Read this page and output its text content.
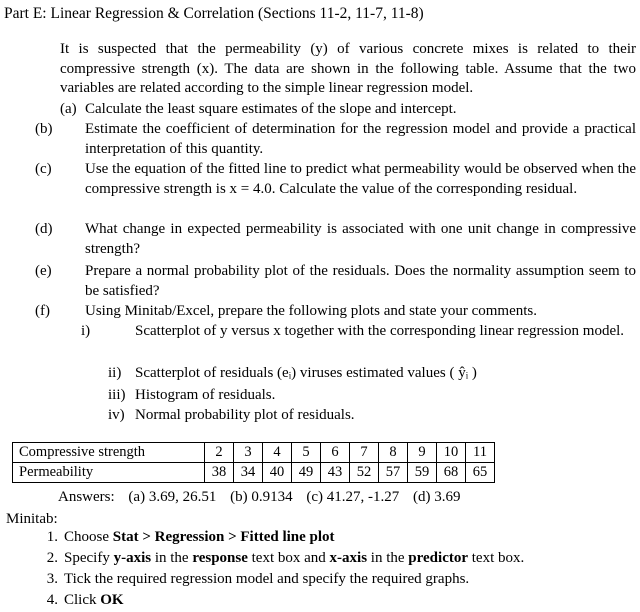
Part E: Linear Regression & Correlation (Sections 11-2, 11-7, 11-8)
It is suspected that the permeability (y) of various concrete mixes is related to their compressive strength (x). The data are shown in the following table. Assume that the two variables are related according to the simple linear regression model.
(a) Calculate the least square estimates of the slope and intercept.
(b) Estimate the coefficient of determination for the regression model and provide a practical interpretation of this quantity.
(c) Use the equation of the fitted line to predict what permeability would be observed when the compressive strength is x = 4.0. Calculate the value of the corresponding residual.
(d) What change in expected permeability is associated with one unit change in compressive strength?
(e) Prepare a normal probability plot of the residuals. Does the normality assumption seem to be satisfied?
(f) Using Minitab/Excel, prepare the following plots and state your comments.
i)	Scatterplot of y versus x together with the corresponding linear regression model.
ii) Scatterplot of residuals (eᵢ) viruses estimated values ( ŷᵢ )
iii) Histogram of residuals.
iv) Normal probability plot of residuals.
Compressive strength	2	3	4	5	6	7	8	9	10	11
Permeability	38	34	40	49	43	52	57	59	68	65
Answers: (a) 3.69, 26.51 (b) 0.9134 (c) 41.27, -1.27 (d) 3.69
Minitab:
1. Choose Stat > Regression > Fitted line plot
2. Specify y-axis in the response text box and x-axis in the predictor text box.
3. Tick the required regression model and specify the required graphs.
4. Click OK
